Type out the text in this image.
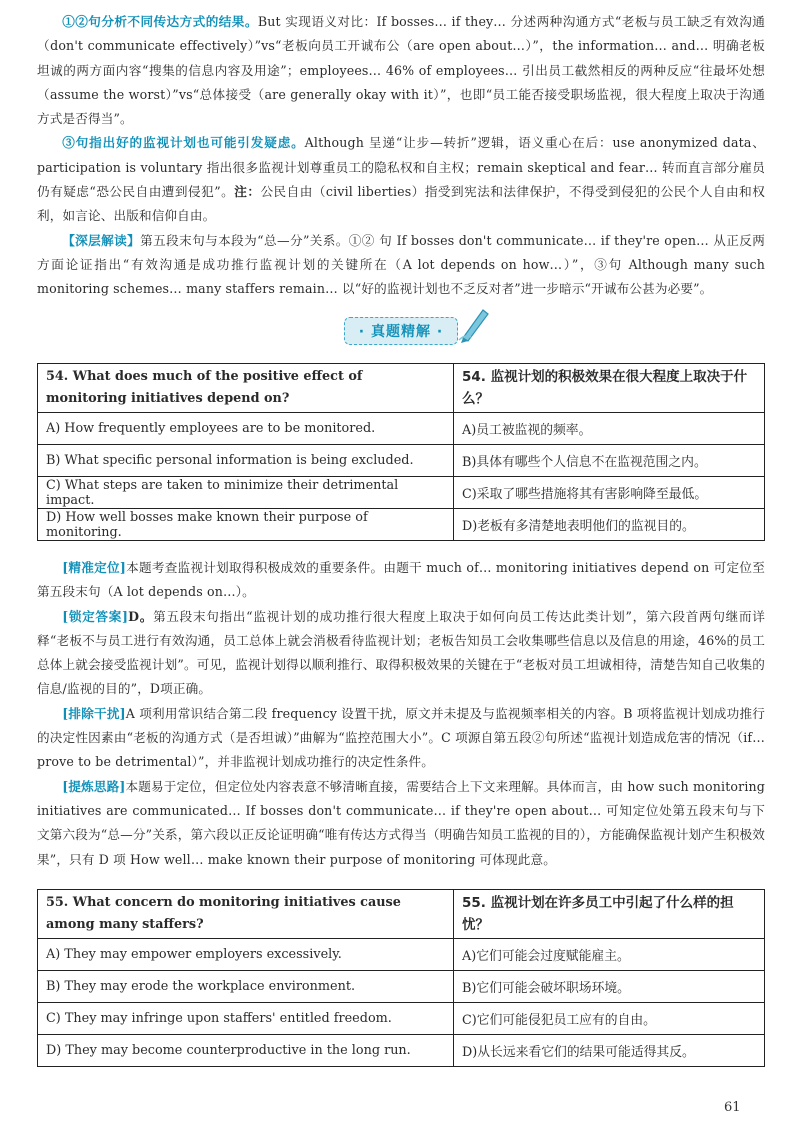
①②句分析不同传达方式的结果。But 实现语义对比：If bosses… if they… 分述两种沟通方式“老板与员工缺乏有效沟通（don't communicate effectively）”vs“老板向员工开诚布公（are open about…）”，the information… and… 明确老板坦诚的两方面内容“搜集的信息内容及用途”；employees… 46% of employees… 引出员工截然相反的两种反应“往最坏处想（assume the worst）”vs“总体接受（are generally okay with it）”，也即“员工能否接受职场监视，很大程度上取决于沟通方式是否得当”。

③句指出好的监视计划也可能引发疑虑。Although 呈递“让步—转折”逻辑，语义重心在后：use anonymized data、participation is voluntary 指出很多监视计划尊重员工的隐私权和自主权；remain skeptical and fear… 转而直言部分雇员仍有疑虑“恐公民自由遭到侵犯”。注：公民自由（civil liberties）指受到宪法和法律保护，不得受到侵犯的公民个人自由和权利，如言论、出版和信仰自由。

【深层解读】第五段末句与本段为“总—分”关系。①② 句 If bosses don't communicate… if they're open… 从正反两方面论证指出“有效沟通是成功推行监视计划的关键所在（A lot depends on how…）”，③句 Although many such monitoring schemes… many staffers remain… 以“好的监视计划也不乏反对者”进一步暗示“开诚布公甚为必要”。

· 真题精解 ·
54. What does much of the positive effect of monitoring initiatives depend on?	54. 监视计划的积极效果在很大程度上取决于什么？
A) How frequently employees are to be monitored.	A)员工被监视的频率。
B) What specific personal information is being excluded.	B)具体有哪些个人信息不在监视范围之内。
C) What steps are taken to minimize their detrimental impact.	C)采取了哪些措施将其有害影响降至最低。
D) How well bosses make known their purpose of monitoring.	D)老板有多清楚地表明他们的监视目的。

[精准定位]本题考查监视计划取得积极成效的重要条件。由题干 much of… monitoring initiatives depend on 可定位至第五段末句（A lot depends on…）。

[锁定答案]D。第五段末句指出“监视计划的成功推行很大程度上取决于如何向员工传达此类计划”，第六段首两句继而详释“老板不与员工进行有效沟通，员工总体上就会消极看待监视计划；老板告知员工会收集哪些信息以及信息的用途，46%的员工总体上就会接受监视计划”。可见，监视计划得以顺利推行、取得积极效果的关键在于“老板对员工坦诚相待，清楚告知自己收集的信息/监视的目的”，D项正确。

[排除干扰]A 项利用常识结合第二段 frequency 设置干扰，原文并未提及与监视频率相关的内容。B 项将监视计划成功推行的决定性因素由“老板的沟通方式（是否坦诚）”曲解为“监控范围大小”。C 项源自第五段②句所述“监视计划造成危害的情况（if… prove to be detrimental）”，并非监视计划成功推行的决定性条件。

[提炼思路]本题易于定位，但定位处内容表意不够清晰直接，需要结合上下文来理解。具体而言，由 how such monitoring initiatives are communicated… If bosses don't communicate… if they're open about… 可知定位处第五段末句与下文第六段为“总—分”关系，第六段以正反论证明确“唯有传达方式得当（明确告知员工监视的目的），方能确保监视计划产生积极效果”，只有 D 项 How well… make known their purpose of monitoring 可体现此意。

55. What concern do monitoring initiatives cause among many staffers?	55. 监视计划在许多员工中引起了什么样的担忧？
A) They may empower employers excessively.	A)它们可能会过度赋能雇主。
B) They may erode the workplace environment.	B)它们可能会破坏职场环境。
C) They may infringe upon staffers' entitled freedom.	C)它们可能侵犯员工应有的自由。
D) They may become counterproductive in the long run.	D)从长远来看它们的结果可能适得其反。
61
